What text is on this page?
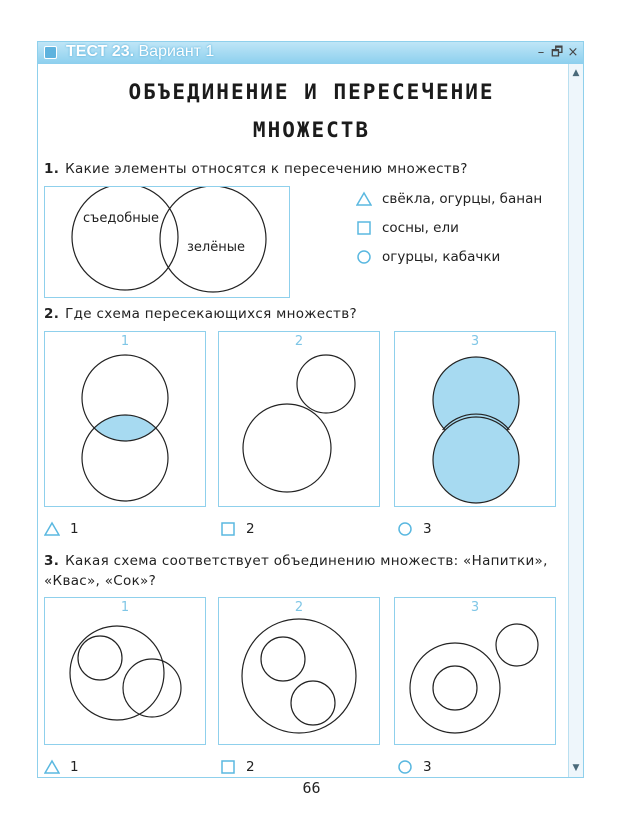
ТЕСТ 23. Вариант 1	– 🗗 ×
▲
▼
ОБЪЕДИНЕНИЕ И ПЕРЕСЕЧЕНИЕ
МНОЖЕСТВ
1. Какие элементы относятся к пересечению множеств?
съедобные
зелёные
свёкла, огурцы, банан
сосны, ели
огурцы, кабачки
2. Где схема пересекающихся множеств?
1	2	3
1	2	3
3. Какая схема соответствует объединению множеств: «Напитки»,
«Квас», «Сок»?
1	2	3
1	2	3
66
